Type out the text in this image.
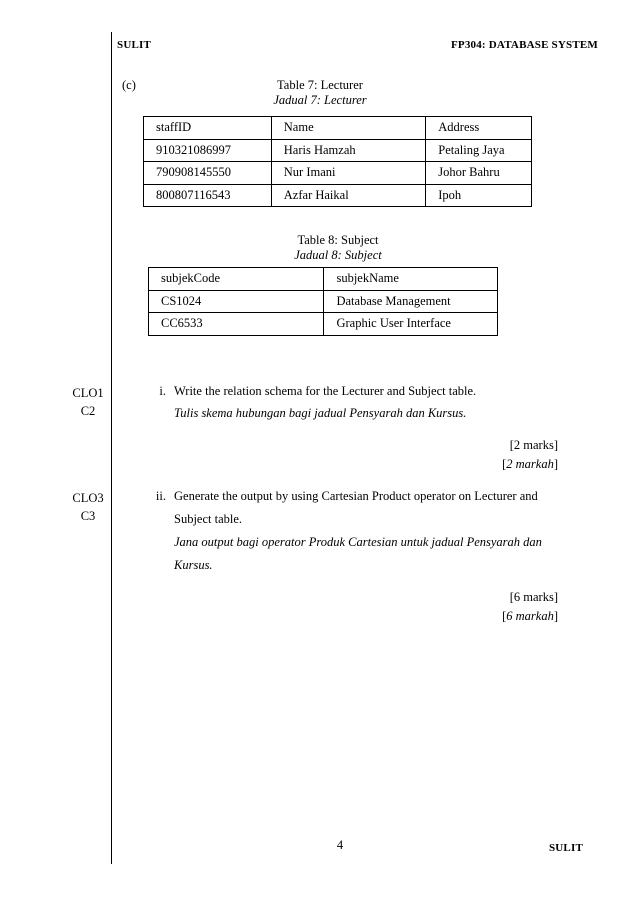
SULIT	FP304: DATABASE SYSTEM
(c)	Table 7: Lecturer
Jadual 7: Lecturer
staffID	Name	Address
910321086997	Haris Hamzah	Petaling Jaya
790908145550	Nur Imani	Johor Bahru
800807116543	Azfar Haikal	Ipoh
Table 8: Subject
Jadual 8: Subject
subjekCode	subjekName
CS1024	Database Management
CC6533	Graphic User Interface
CLO1
C2
i. Write the relation schema for the Lecturer and Subject table.
Tulis skema hubungan bagi jadual Pensyarah dan Kursus.
[2 marks]
[2 markah]
CLO3
C3
ii. Generate the output by using Cartesian Product operator on Lecturer and
Subject table.
Jana output bagi operator Produk Cartesian untuk jadual Pensyarah dan
Kursus.
[6 marks]
[6 markah]
4	SULIT
